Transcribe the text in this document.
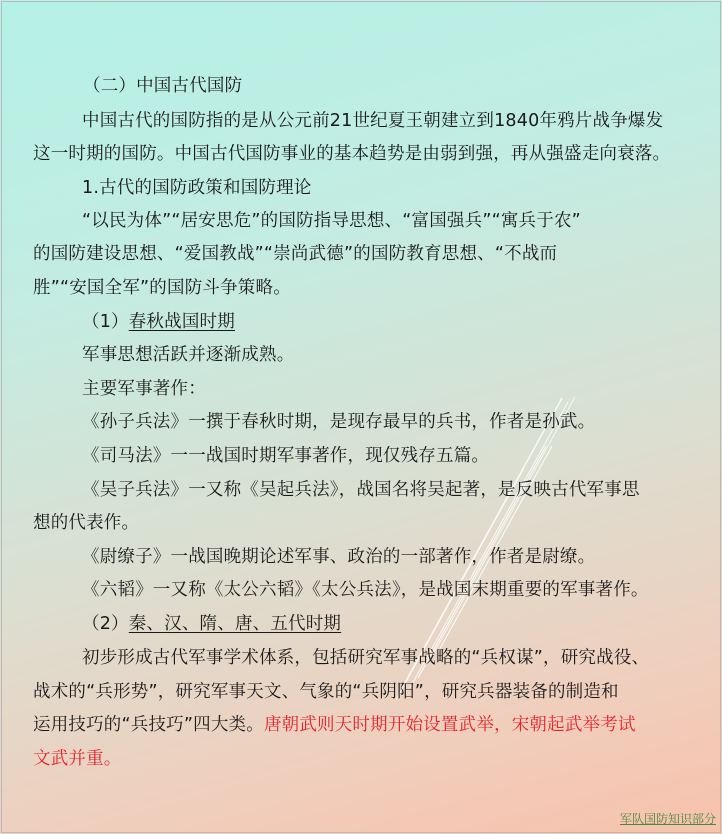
（二）中国古代国防
中国古代的国防指的是从公元前21世纪夏王朝建立到1840年鸦片战争爆发
这一时期的国防。中国古代国防事业的基本趋势是由弱到强，再从强盛走向衰落。
1.古代的国防政策和国防理论
“以民为体”“居安思危”的国防指导思想、“富国强兵”“寓兵于农”
的国防建设思想、“爱国教战”“崇尚武德”的国防教育思想、“不战而
胜”“安国全军”的国防斗争策略。
（1）春秋战国时期
军事思想活跃并逐渐成熟。
主要军事著作：
《孙子兵法》一撰于春秋时期，是现存最早的兵书，作者是孙武。
《司马法》一一战国时期军事著作，现仅残存五篇。
《吴子兵法》一又称《吴起兵法》，战国名将吴起著，是反映古代军事思
想的代表作。
《尉缭子》一战国晚期论述军事、政治的一部著作，作者是尉缭。
《六韬》一又称《太公六韬》《太公兵法》，是战国末期重要的军事著作。
（2）秦、汉、隋、唐、五代时期
初步形成古代军事学术体系，包括研究军事战略的“兵权谋”，研究战役、
战术的“兵形势”，研究军事天文、气象的“兵阴阳”，研究兵器装备的制造和
运用技巧的“兵技巧”四大类。唐朝武则天时期开始设置武举，宋朝起武举考试
文武并重。
军队国防知识部分
